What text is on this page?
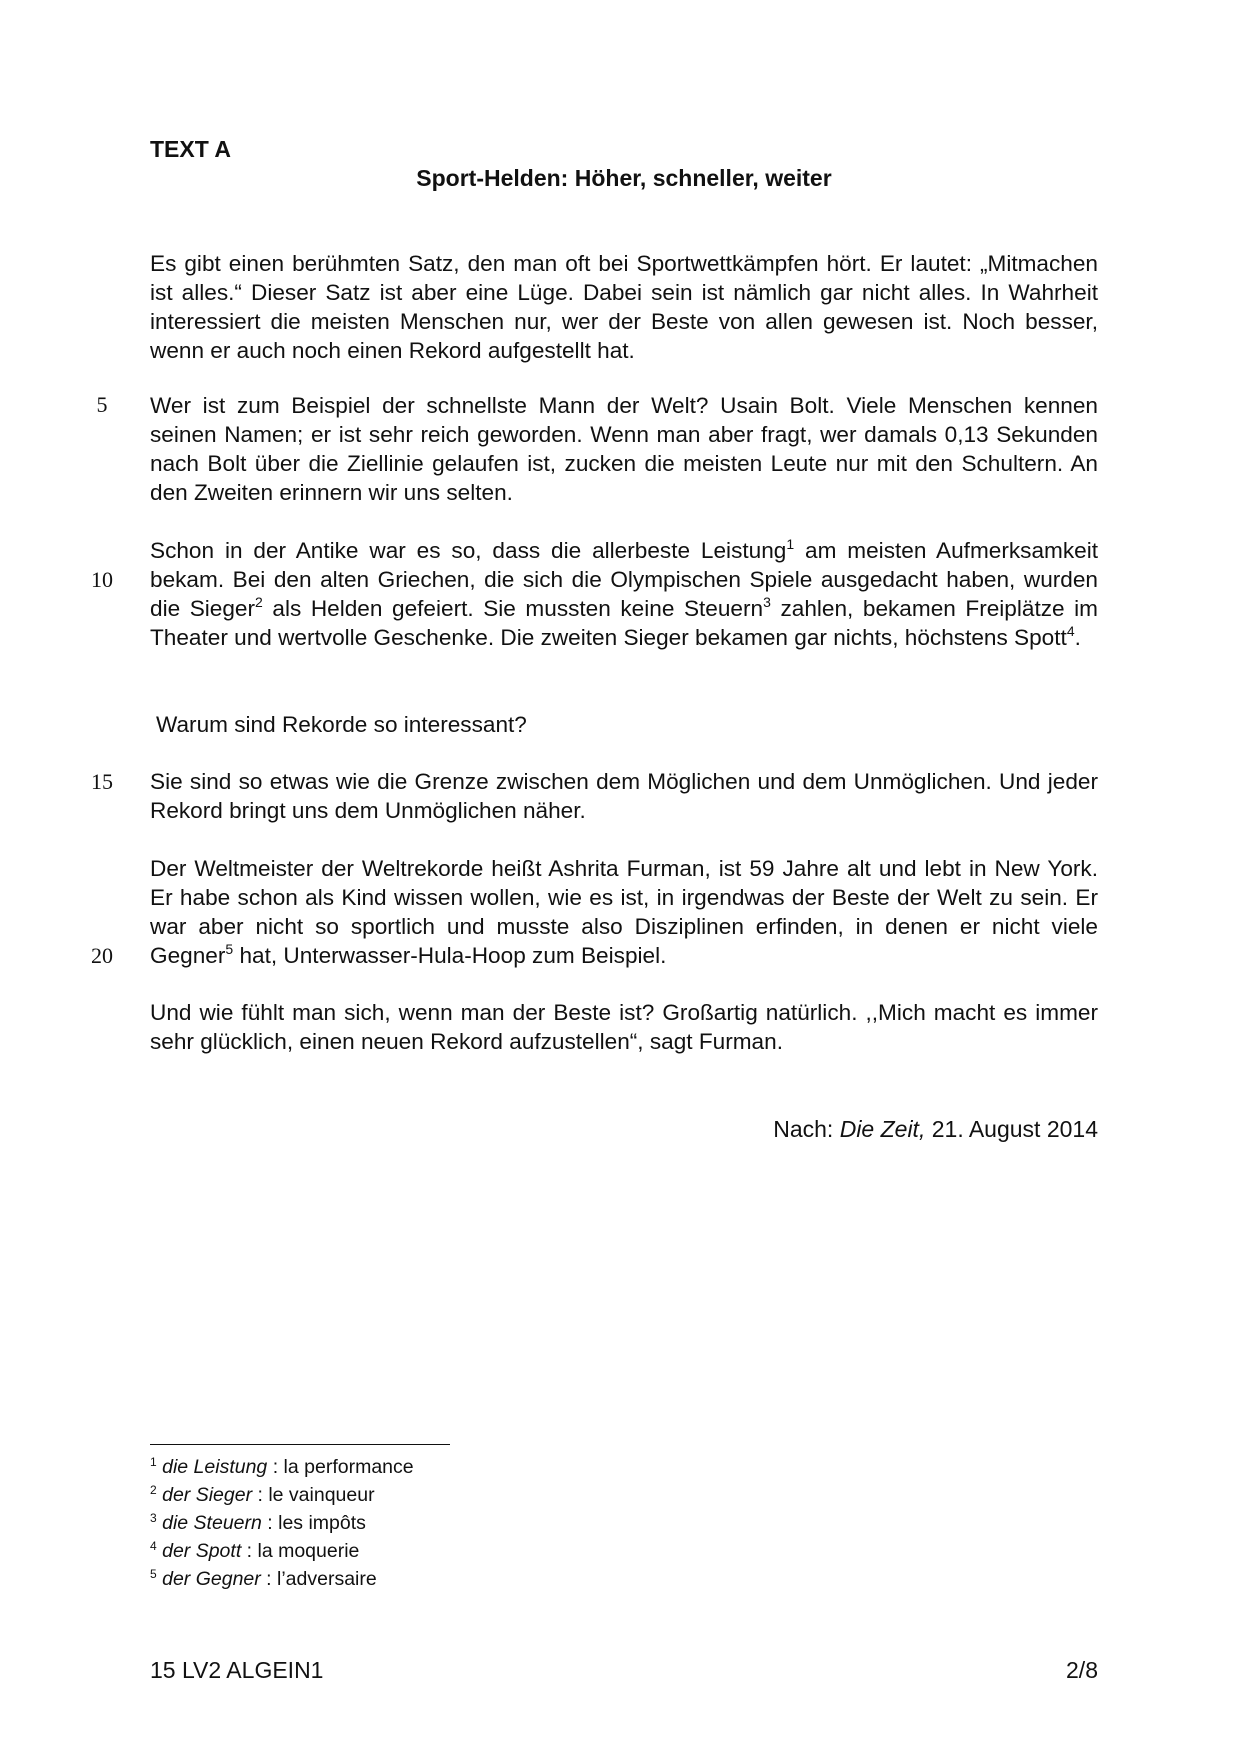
TEXT A
Sport-Helden: Höher, schneller, weiter
5
10
15
20
Es gibt einen berühmten Satz, den man oft bei Sportwettkämpfen hört. Er lautet: „Mitmachen ist alles.“ Dieser Satz ist aber eine Lüge. Dabei sein ist nämlich gar nicht alles. In Wahrheit interessiert die meisten Menschen nur, wer der Beste von allen gewesen ist. Noch besser, wenn er auch noch einen Rekord aufgestellt hat.
Wer ist zum Beispiel der schnellste Mann der Welt? Usain Bolt. Viele Menschen kennen seinen Namen; er ist sehr reich geworden. Wenn man aber fragt, wer damals 0,13 Sekunden nach Bolt über die Ziellinie gelaufen ist, zucken die meisten Leute nur mit den Schultern. An den Zweiten erinnern wir uns selten.
Schon in der Antike war es so, dass die allerbeste Leistung$^1$ am meisten Aufmerksamkeit bekam. Bei den alten Griechen, die sich die Olympischen Spiele ausgedacht haben, wurden die Sieger$^2$ als Helden gefeiert. Sie mussten keine Steuern$^3$ zahlen, bekamen Freiplätze im Theater und wertvolle Geschenke. Die zweiten Sieger bekamen gar nichts, höchstens Spott$^4$.
Warum sind Rekorde so interessant?
Sie sind so etwas wie die Grenze zwischen dem Möglichen und dem Unmöglichen. Und jeder Rekord bringt uns dem Unmöglichen näher.
Der Weltmeister der Weltrekorde heißt Ashrita Furman, ist 59 Jahre alt und lebt in New York. Er habe schon als Kind wissen wollen, wie es ist, in irgendwas der Beste der Welt zu sein. Er war aber nicht so sportlich und musste also Disziplinen erfinden, in denen er nicht viele Gegner$^5$ hat, Unterwasser-Hula-Hoop zum Beispiel.
Und wie fühlt man sich, wenn man der Beste ist? Großartig natürlich. ,,Mich macht es immer sehr glücklich, einen neuen Rekord aufzustellen“, sagt Furman.
Nach: Die Zeit, 21. August 2014
$^1$ die Leistung : la performance
$^2$ der Sieger : le vainqueur
$^3$ die Steuern : les impôts
$^4$ der Spott : la moquerie
$^5$ der Gegner : l’adversaire
15 LV2 ALGEIN1	2/8
